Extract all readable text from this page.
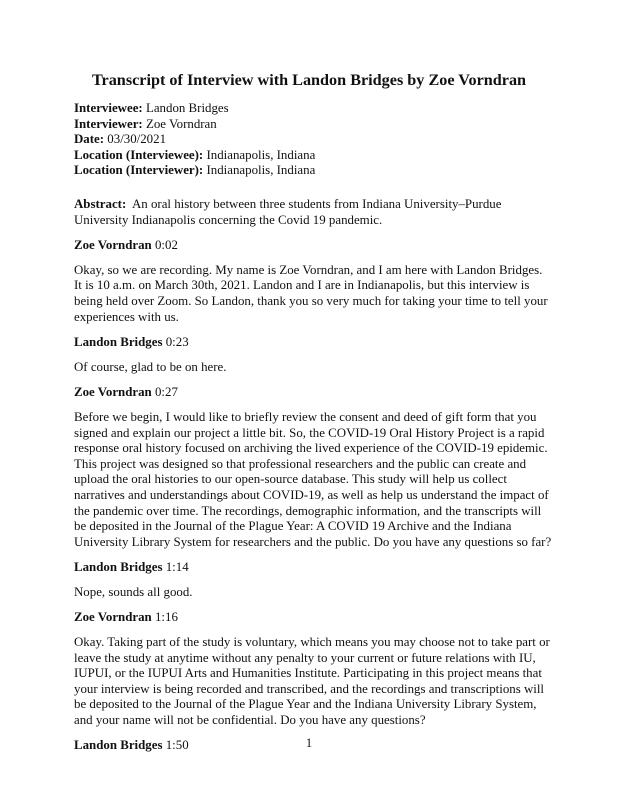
Transcript of Interview with Landon Bridges by Zoe Vorndran
Interviewee: Landon Bridges
Interviewer: Zoe Vorndran
Date: 03/30/2021
Location (Interviewee): Indianapolis, Indiana
Location (Interviewer): Indianapolis, Indiana

Abstract: An oral history between three students from Indiana University–Purdue University Indianapolis concerning the Covid 19 pandemic.

Zoe Vorndran 0:02

Okay, so we are recording. My name is Zoe Vorndran, and I am here with Landon Bridges. It is 10 a.m. on March 30th, 2021. Landon and I are in Indianapolis, but this interview is being held over Zoom. So Landon, thank you so very much for taking your time to tell your experiences with us.

Landon Bridges 0:23

Of course, glad to be on here.

Zoe Vorndran 0:27

Before we begin, I would like to briefly review the consent and deed of gift form that you signed and explain our project a little bit. So, the COVID-19 Oral History Project is a rapid response oral history focused on archiving the lived experience of the COVID-19 epidemic. This project was designed so that professional researchers and the public can create and upload the oral histories to our open-source database. This study will help us collect narratives and understandings about COVID-19, as well as help us understand the impact of the pandemic over time. The recordings, demographic information, and the transcripts will be deposited in the Journal of the Plague Year: A COVID 19 Archive and the Indiana University Library System for researchers and the public. Do you have any questions so far?

Landon Bridges 1:14

Nope, sounds all good.

Zoe Vorndran 1:16

Okay. Taking part of the study is voluntary, which means you may choose not to take part or leave the study at anytime without any penalty to your current or future relations with IU, IUPUI, or the IUPUI Arts and Humanities Institute. Participating in this project means that your interview is being recorded and transcribed, and the recordings and transcriptions will be deposited to the Journal of the Plague Year and the Indiana University Library System, and your name will not be confidential. Do you have any questions?

Landon Bridges 1:50	1
